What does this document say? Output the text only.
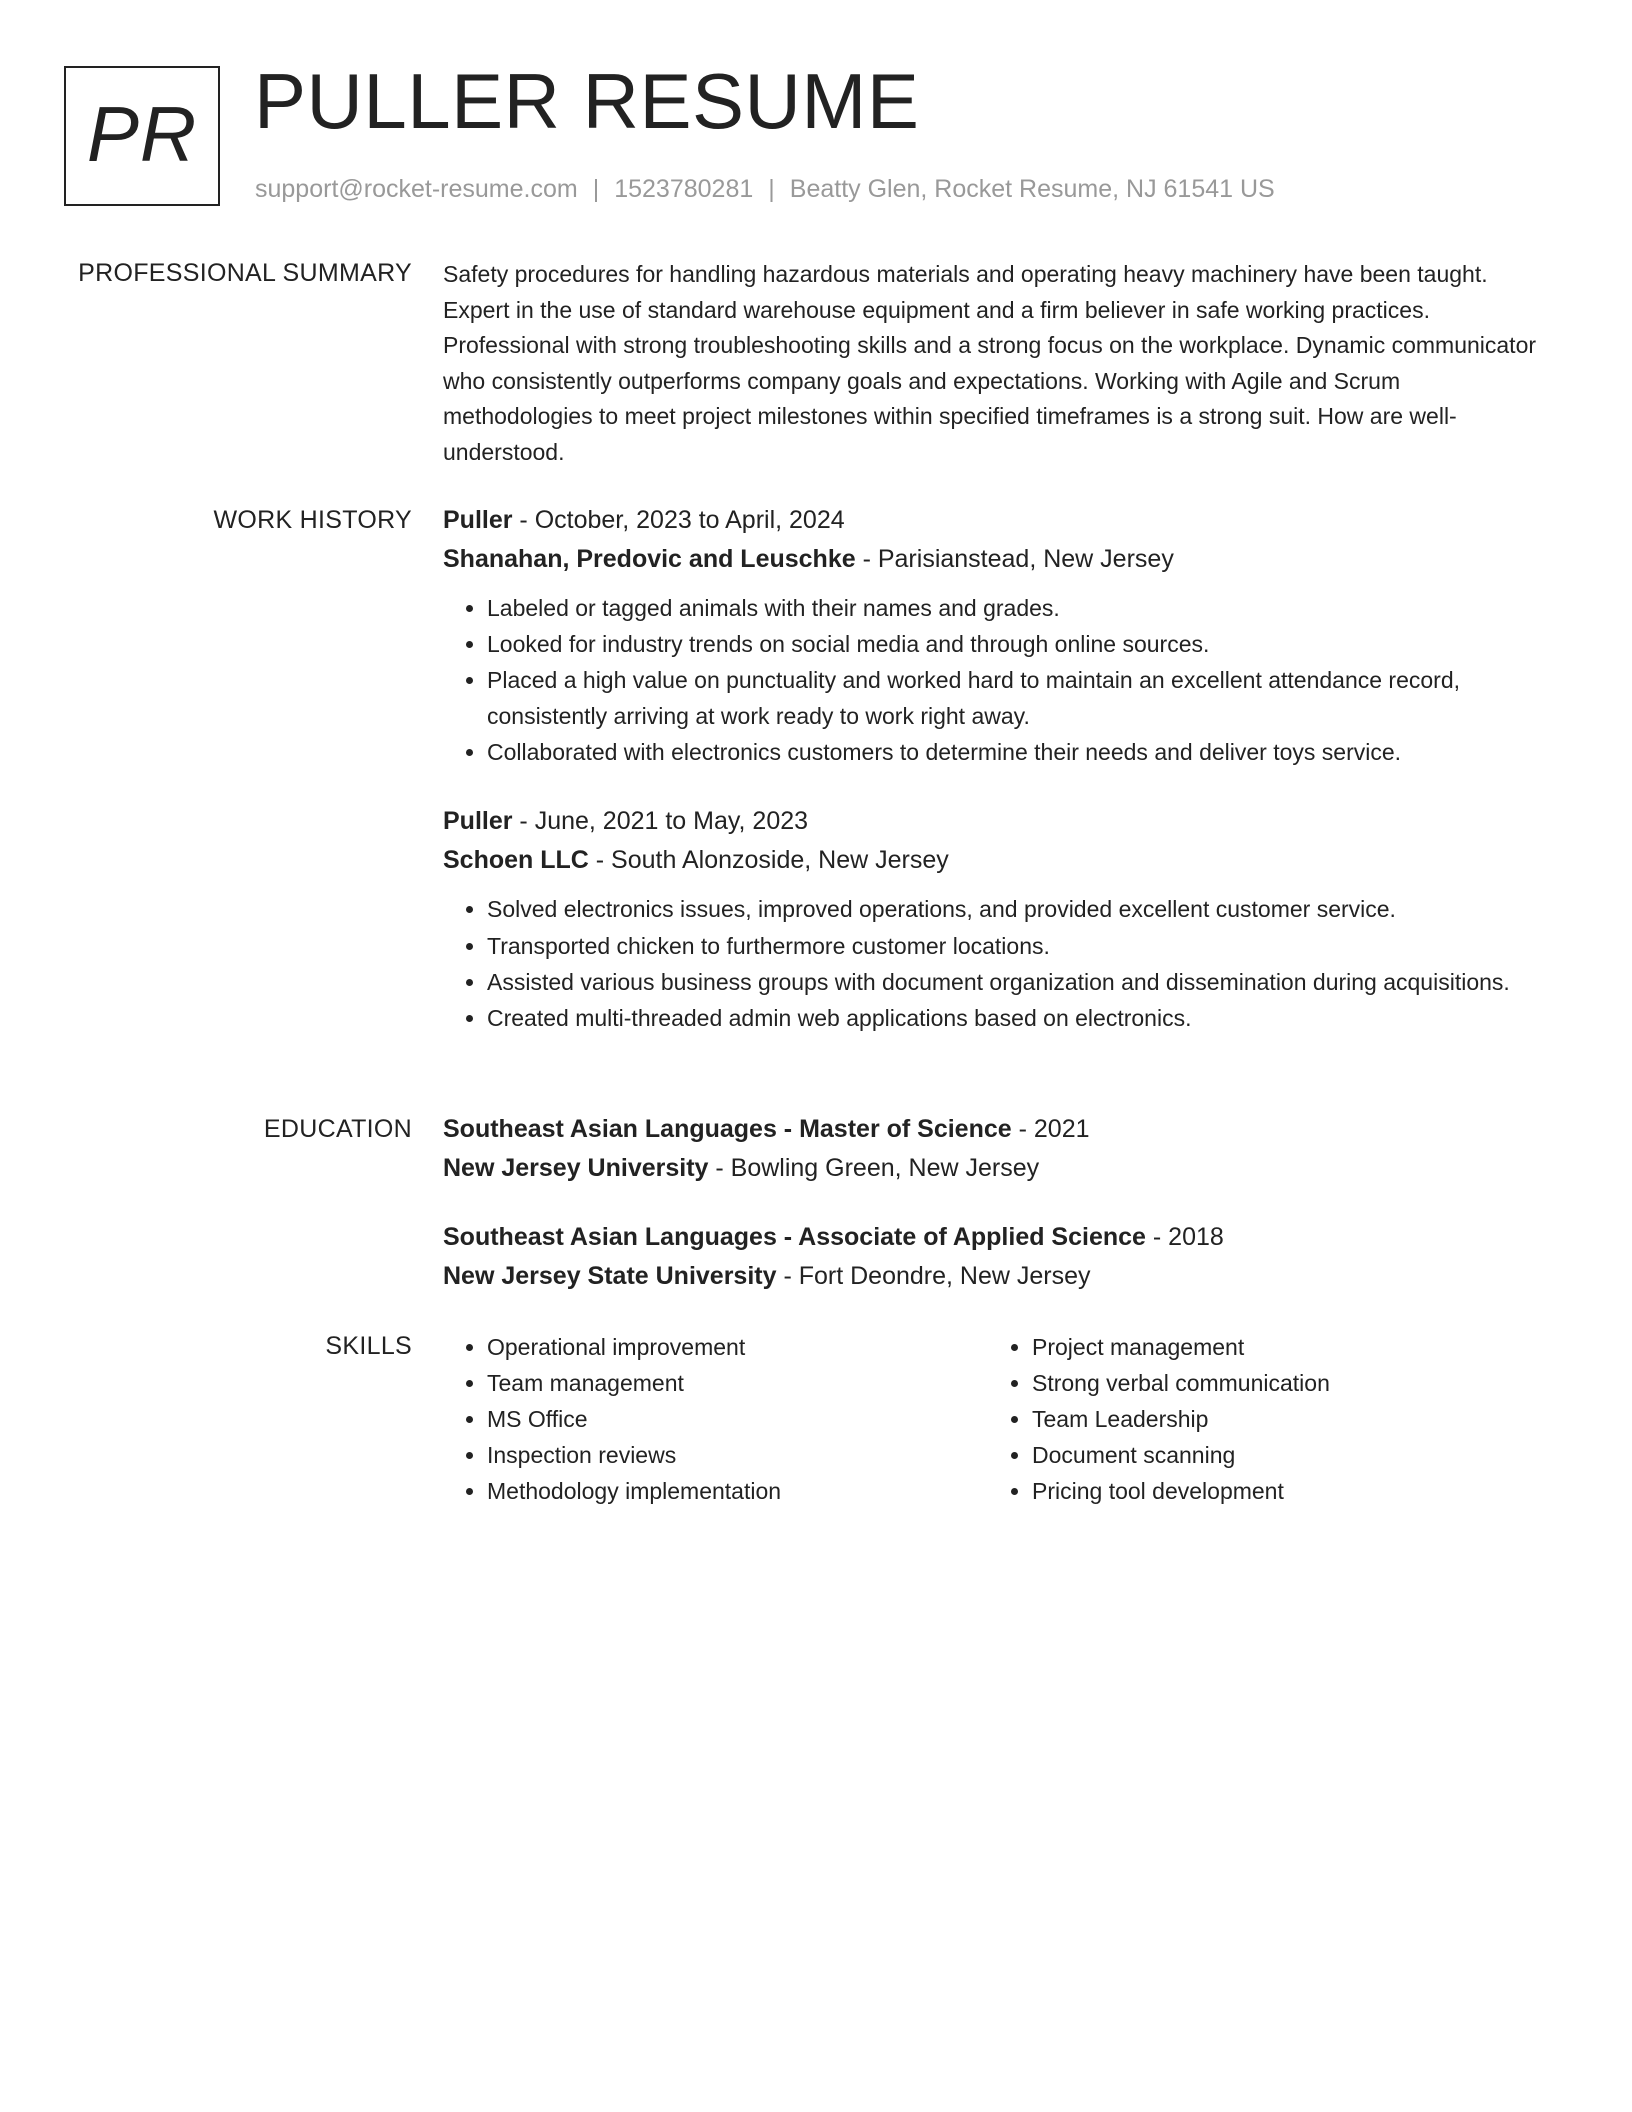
PR PULLER RESUME
support@rocket-resume.com | 1523780281 | Beatty Glen, Rocket Resume, NJ 61541 US
PROFESSIONAL SUMMARY Safety procedures for handling hazardous materials and operating heavy machinery have been taught. Expert in the use of standard warehouse equipment and a firm believer in safe working practices. Professional with strong troubleshooting skills and a strong focus on the workplace. Dynamic communicator who consistently outperforms company goals and expectations. Working with Agile and Scrum methodologies to meet project milestones within specified timeframes is a strong suit. How are well-understood.

WORK HISTORY Puller - October, 2023 to April, 2024
Shanahan, Predovic and Leuschke - Parisianstead, New Jersey
• Labeled or tagged animals with their names and grades.
• Looked for industry trends on social media and through online sources.
• Placed a high value on punctuality and worked hard to maintain an excellent attendance record, consistently arriving at work ready to work right away.
• Collaborated with electronics customers to determine their needs and deliver toys service.
Puller - June, 2021 to May, 2023
Schoen LLC - South Alonzoside, New Jersey
• Solved electronics issues, improved operations, and provided excellent customer service.
• Transported chicken to furthermore customer locations.
• Assisted various business groups with document organization and dissemination during acquisitions.
• Created multi-threaded admin web applications based on electronics.
EDUCATION Southeast Asian Languages - Master of Science - 2021
New Jersey University - Bowling Green, New Jersey
Southeast Asian Languages - Associate of Applied Science - 2018
New Jersey State University - Fort Deondre, New Jersey
SKILLS
•	Operational improvement
• Team management
• MS Office
• Inspection reviews
• Methodology implementation
• Project management
• Strong verbal communication
• Team Leadership
• Document scanning
• Pricing tool development
